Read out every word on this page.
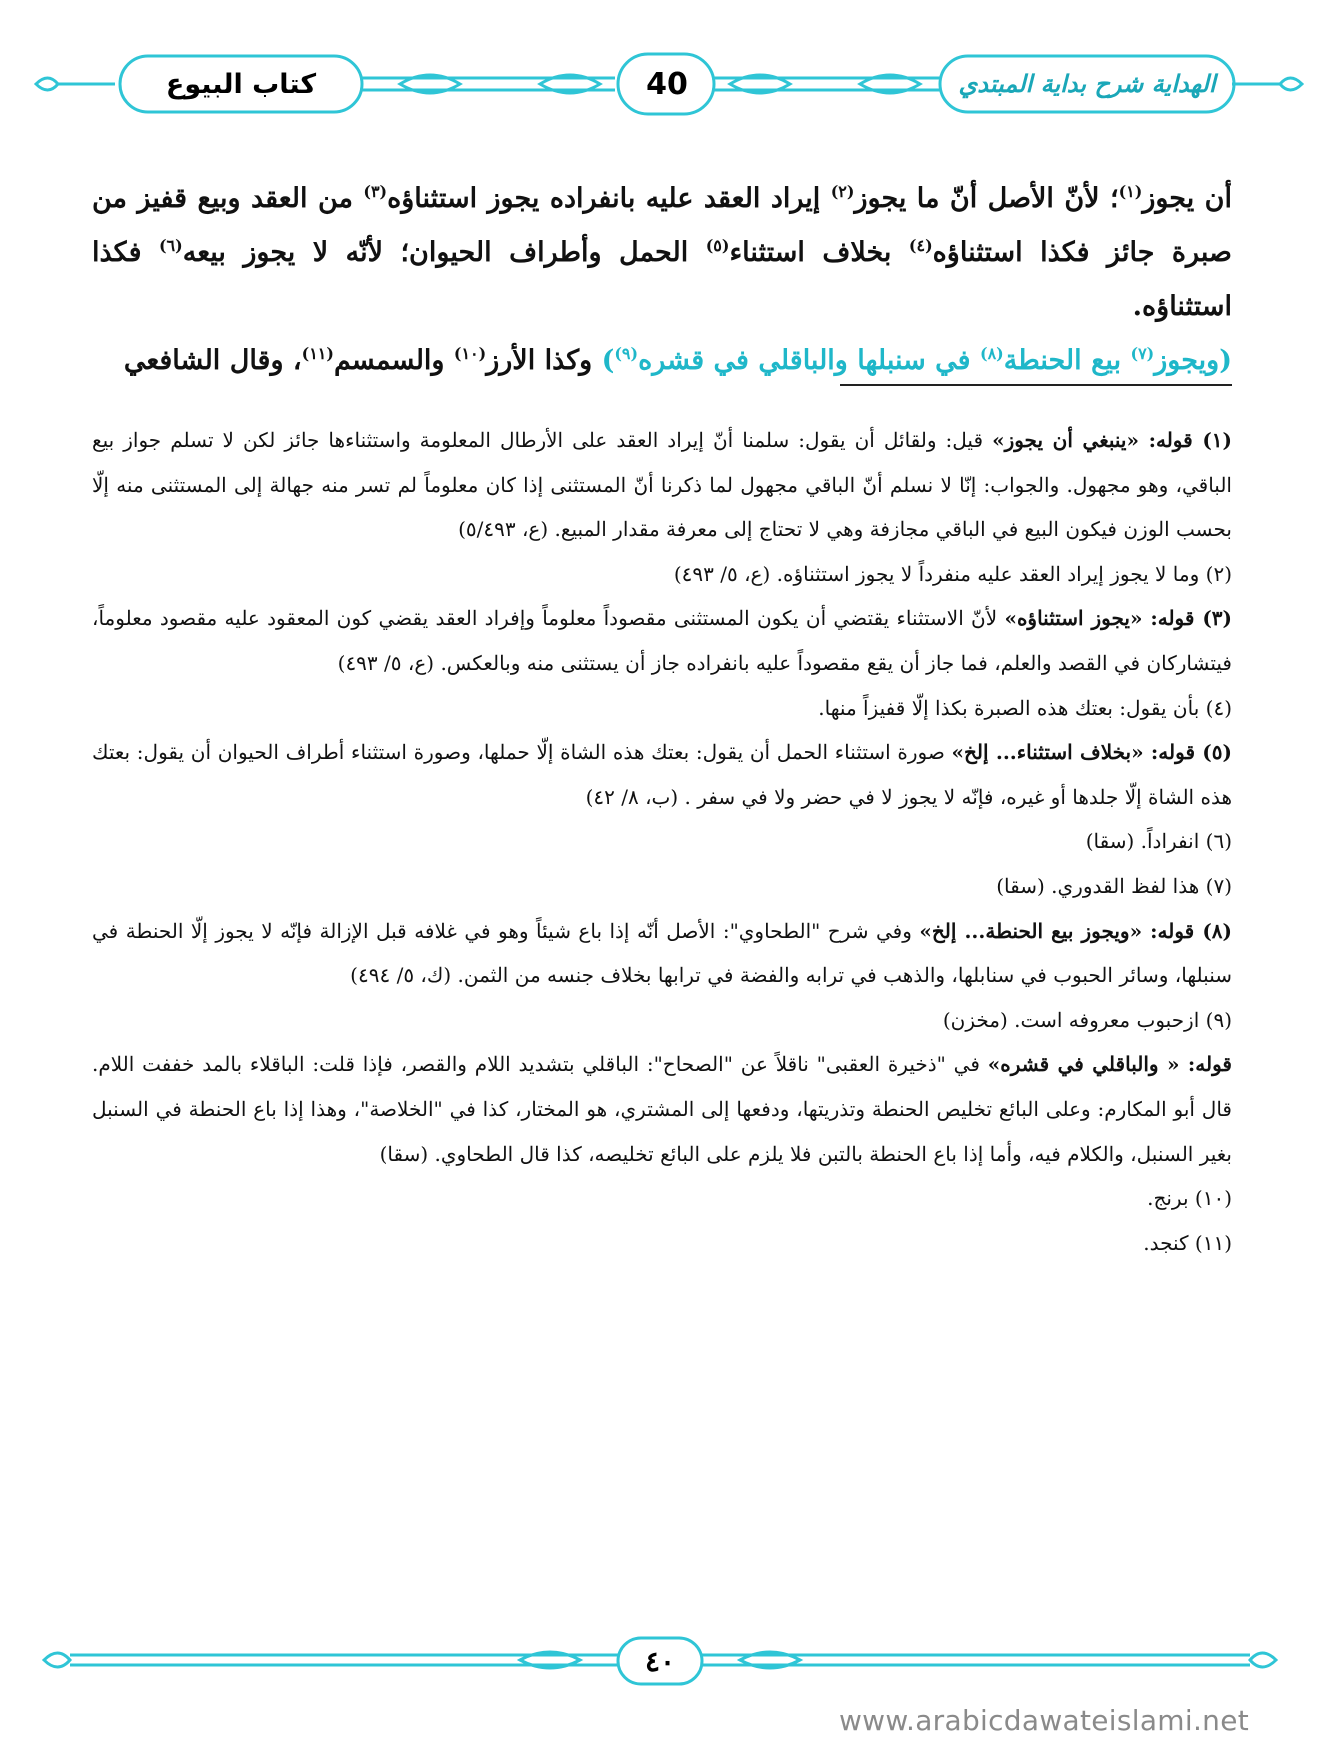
الهداية شرح بداية المبتدي
40
كتاب البيوع

أن يجوز$^{(١)}$؛ لأنّ الأصل أنّ ما يجوز$^{(٢)}$ إيراد العقد عليه بانفراده يجوز استثناؤه$^{(٣)}$ من العقد وبيع قفيز من صبرة جائز فكذا استثناؤه$^{(٤)}$ بخلاف استثناء$^{(٥)}$ الحمل وأطراف الحيوان؛ لأنّه لا يجوز بيعه$^{(٦)}$ فكذا استثناؤه.

(ويجوز$^{(٧)}$ بيع الحنطة$^{(٨)}$ في سنبلها والباقلي في قشره$^{(٩)}$) وكذا الأرز$^{(١٠)}$ والسمسم$^{(١١)}$، وقال الشافعي

(١) قوله: «ينبغي أن يجوز» قيل: ولقائل أن يقول: سلمنا أنّ إيراد العقد على الأرطال المعلومة واستثناءها جائز لكن لا تسلم جواز بيع الباقي، وهو مجهول. والجواب: إنّا لا نسلم أنّ الباقي مجهول لما ذكرنا أنّ المستثنى إذا كان معلوماً لم تسر منه جهالة إلى المستثنى منه إلّا بحسب الوزن فيكون البيع في الباقي مجازفة وهي لا تحتاج إلى معرفة مقدار المبيع. (ع، ٥/٤٩٣)

(٢) وما لا يجوز إيراد العقد عليه منفرداً لا يجوز استثناؤه. (ع، ٥/ ٤٩٣)

(٣) قوله: «يجوز استثناؤه» لأنّ الاستثناء يقتضي أن يكون المستثنى مقصوداً معلوماً وإفراد العقد يقضي كون المعقود عليه مقصود معلوماً، فيتشاركان في القصد والعلم، فما جاز أن يقع مقصوداً عليه بانفراده جاز أن يستثنى منه وبالعكس. (ع، ٥/ ٤٩٣)

(٤) بأن يقول: بعتك هذه الصبرة بكذا إلّا قفيزاً منها.

(٥) قوله: «بخلاف استثناء... إلخ» صورة استثناء الحمل أن يقول: بعتك هذه الشاة إلّا حملها، وصورة استثناء أطراف الحيوان أن يقول: بعتك هذه الشاة إلّا جلدها أو غيره، فإنّه لا يجوز لا في حضر ولا في سفر . (ب، ٨/ ٤٢)

(٦) انفراداً. (سقا)

(٧) هذا لفظ القدوري. (سقا)

(٨) قوله: «ويجوز بيع الحنطة... إلخ» وفي شرح "الطحاوي": الأصل أنّه إذا باع شيئاً وهو في غلافه قبل الإزالة فإنّه لا يجوز إلّا الحنطة في سنبلها، وسائر الحبوب في سنابلها، والذهب في ترابه والفضة في ترابها بخلاف جنسه من الثمن. (ك، ٥/ ٤٩٤)

(٩) ازحبوب معروفه است. (مخزن)

قوله: « والباقلي في قشره» في "ذخيرة العقبى" ناقلاً عن "الصحاح": الباقلي بتشديد اللام والقصر، فإذا قلت: الباقلاء بالمد خففت اللام. قال أبو المكارم: وعلى البائع تخليص الحنطة وتذريتها، ودفعها إلى المشتري، هو المختار، كذا في "الخلاصة"، وهذا إذا باع الحنطة في السنبل بغير السنبل، والكلام فيه، وأما إذا باع الحنطة بالتبن فلا يلزم على البائع تخليصه، كذا قال الطحاوي. (سقا)

(١٠) برنج.

(١١) كنجد.

٤٠
www.arabicdawateislami.net
